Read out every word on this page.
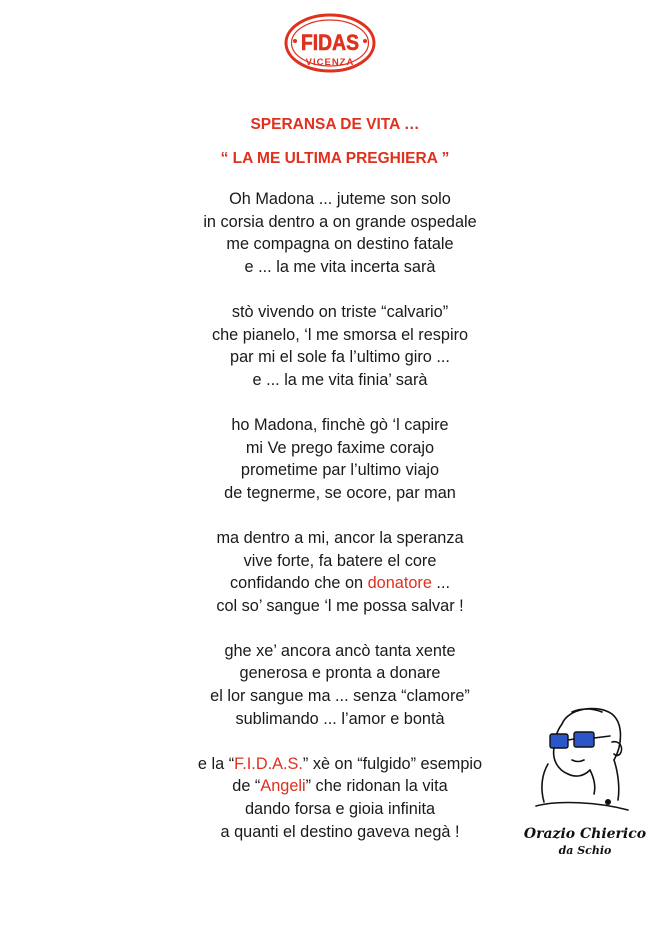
FIDAS
VICENZA
SPERANSA DE VITA …
“ LA ME ULTIMA PREGHIERA ”
Oh Madona ... juteme son solo
in corsia dentro a on grande ospedale
me compagna on destino fatale
e ... la me vita incerta sarà
stò vivendo on triste “calvario”
che pianelo, ‘l me smorsa el respiro
par mi el sole fa l’ultimo giro ...
e ... la me vita finia’ sarà
ho Madona, finchè gò ‘l capire
mi Ve prego faxime corajo
prometime par l’ultimo viajo
de tegnerme, se ocore, par man
ma dentro a mi, ancor la speranza
vive forte, fa batere el core
confidando che on donatore ...
col so’ sangue ‘l me possa salvar !
ghe xe’ ancora ancò tanta xente
generosa e pronta a donare
el lor sangue ma ... senza “clamore”
sublimando ... l’amor e bontà
e la “F.I.D.A.S.” xè on “fulgido” esempio
de “Angeli” che ridonan la vita
dando forsa e gioia infinita
a quanti el destino gaveva negà !	Orazio Chierico
da Schio
